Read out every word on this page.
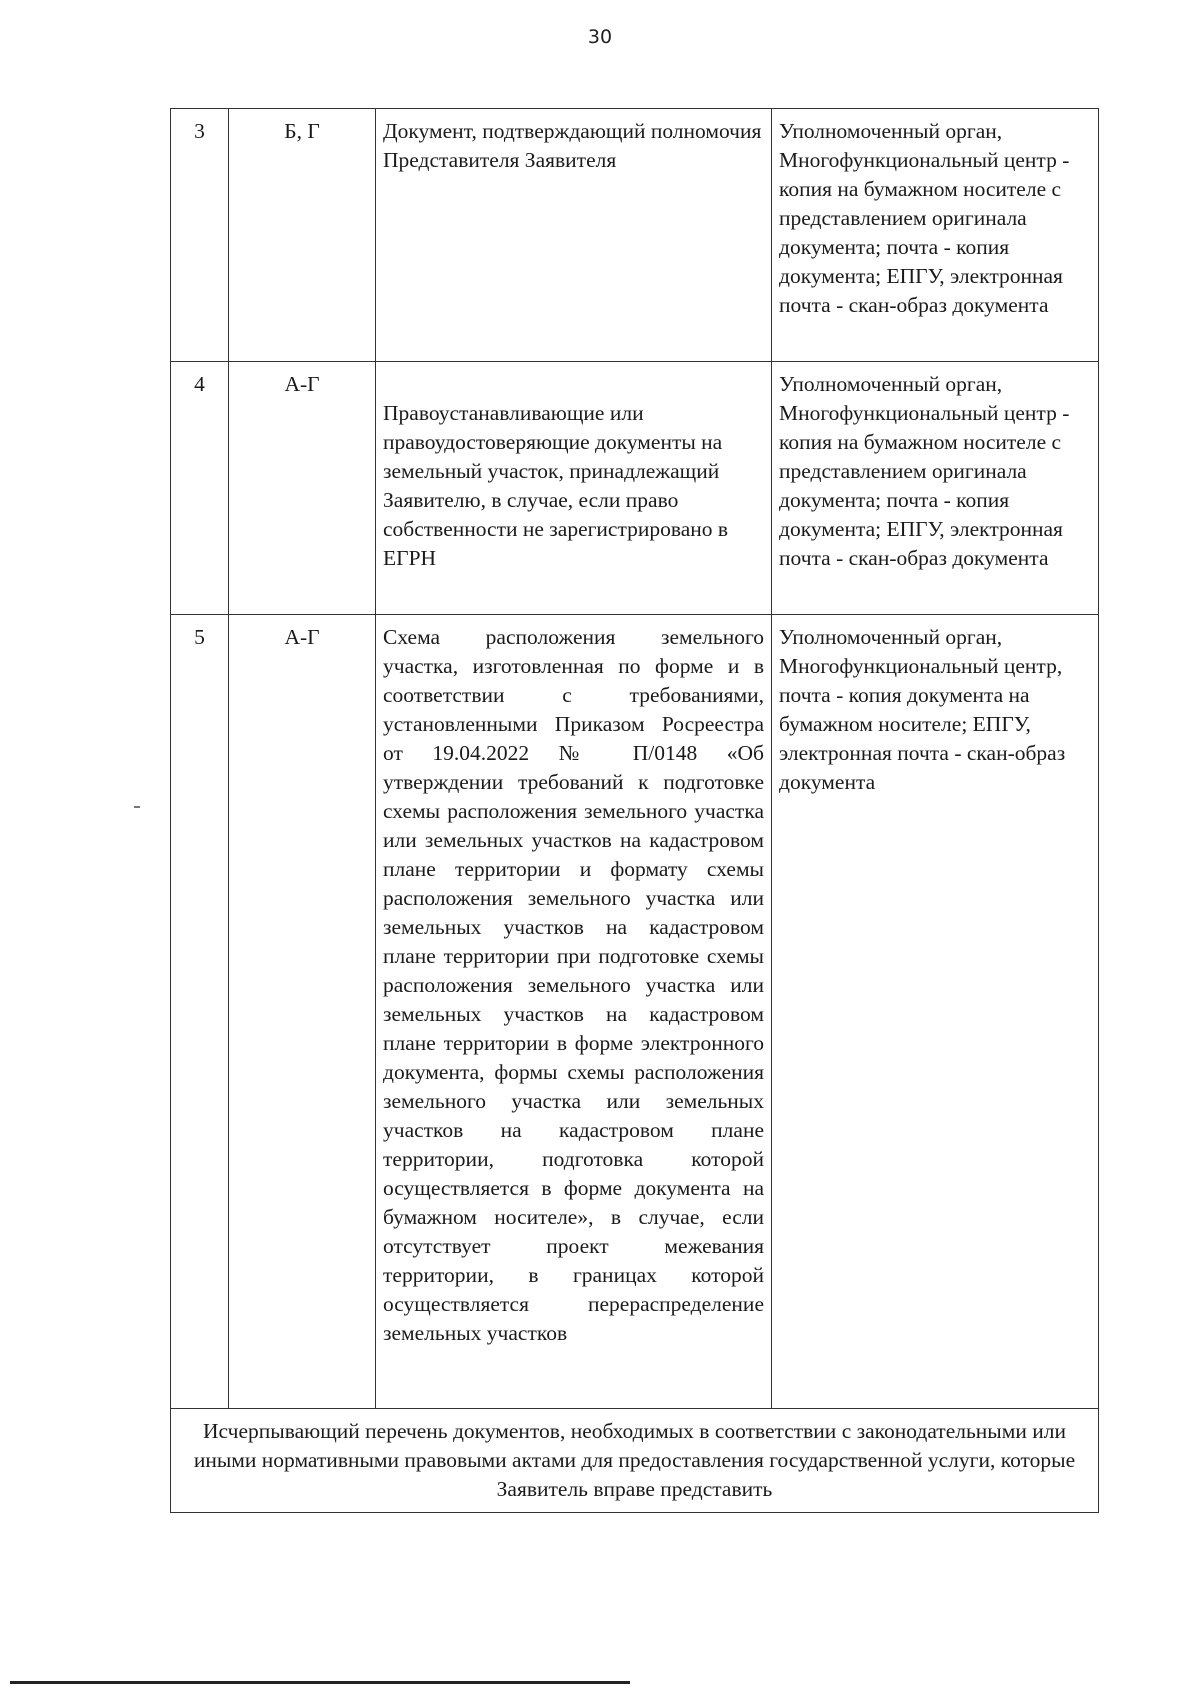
30
3	Б, Г	Документ, подтверждающий полномочия Представителя Заявителя	Уполномоченный орган, Многофункциональный центр - копия на бумажном носителе с представлением оригинала документа; почта - копия документа; ЕПГУ, электронная почта - скан-образ документа
4	А-Г	Правоустанавливающие или правоудостоверяющие документы на земельный участок, принадлежащий Заявителю, в случае, если право собственности не зарегистрировано в ЕГРН	Уполномоченный орган, Многофункциональный центр - копия на бумажном носителе с представлением оригинала документа; почта - копия документа; ЕПГУ, электронная почта - скан-образ документа
5	А-Г	Схема расположения земельного участка, изготовленная по форме и в соответствии с требованиями, установленными Приказом Росреестра от 19.04.2022 № П/0148 «Об утверждении требований к подготовке схемы расположения земельного участка или земельных участков на кадастровом плане территории и формату схемы расположения земельного участка или земельных участков на кадастровом плане территории при подготовке схемы расположения земельного участка или земельных участков на кадастровом плане территории в форме электронного документа, формы схемы расположения земельного участка или земельных участков на кадастровом плане территории, подготовка которой осуществляется в форме документа на бумажном носителе», в случае, если отсутствует проект межевания территории, в границах которой осуществляется перераспределение земельных участков	Уполномоченный орган, Многофункциональный центр, почта - копия документа на бумажном носителе; ЕПГУ, электронная почта - скан-образ документа
Исчерпывающий перечень документов, необходимых в соответствии с законодательными или иными нормативными правовыми актами для предоставления государственной услуги, которые Заявитель вправе представить			
